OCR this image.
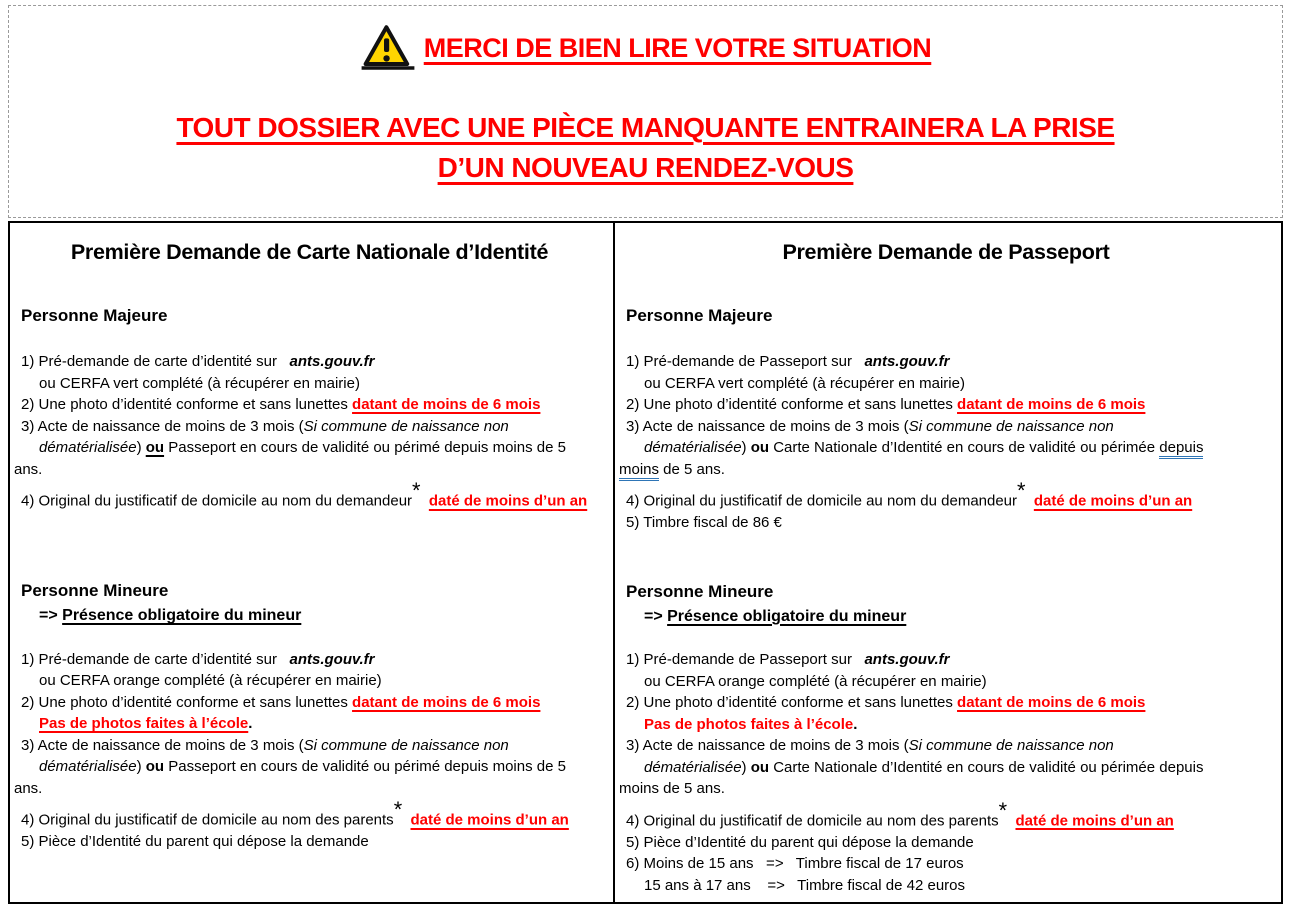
MERCI DE BIEN LIRE VOTRE SITUATION
TOUT DOSSIER AVEC UNE PIÈCE MANQUANTE ENTRAINERA LA PRISE
D’UN NOUVEAU RENDEZ-VOUS
Première Demande de Carte Nationale d’Identité
Personne Majeure
1) Pré-demande de carte d’identité sur   ants.gouv.fr
ou CERFA vert complété (à récupérer en mairie)
2) Une photo d’identité conforme et sans lunettes datant de moins de 6 mois
3) Acte de naissance de moins de 3 mois (Si commune de naissance non
dématérialisée) ou Passeport en cours de validité ou périmé depuis moins de 5
ans.
4) Original du justificatif de domicile au nom du demandeur* daté de moins d’un an
Personne Mineure
=> Présence obligatoire du mineur
1) Pré-demande de carte d’identité sur   ants.gouv.fr
ou CERFA orange complété (à récupérer en mairie)
2) Une photo d’identité conforme et sans lunettes datant de moins de 6 mois
Pas de photos faites à l’école.
3) Acte de naissance de moins de 3 mois (Si commune de naissance non
dématérialisée) ou Passeport en cours de validité ou périmé depuis moins de 5
ans.
4) Original du justificatif de domicile au nom des parents* daté de moins d’un an
5) Pièce d’Identité du parent qui dépose la demande
Première Demande de Passeport
Personne Majeure
1) Pré-demande de Passeport sur   ants.gouv.fr
ou CERFA vert complété (à récupérer en mairie)
2) Une photo d’identité conforme et sans lunettes datant de moins de 6 mois
3) Acte de naissance de moins de 3 mois (Si commune de naissance non
dématérialisée) ou Carte Nationale d’Identité en cours de validité ou périmée depuis
moins de 5 ans.
4) Original du justificatif de domicile au nom du demandeur* daté de moins d’un an
5) Timbre fiscal de 86 €
Personne Mineure
=> Présence obligatoire du mineur
1) Pré-demande de Passeport sur   ants.gouv.fr
ou CERFA orange complété (à récupérer en mairie)
2) Une photo d’identité conforme et sans lunettes datant de moins de 6 mois
Pas de photos faites à l’école.
3) Acte de naissance de moins de 3 mois (Si commune de naissance non
dématérialisée) ou Carte Nationale d’Identité en cours de validité ou périmée depuis
moins de 5 ans.
4) Original du justificatif de domicile au nom des parents* daté de moins d’un an
5) Pièce d’Identité du parent qui dépose la demande
6) Moins de 15 ans   =>   Timbre fiscal de 17 euros
15 ans à 17 ans    =>   Timbre fiscal de 42 euros
